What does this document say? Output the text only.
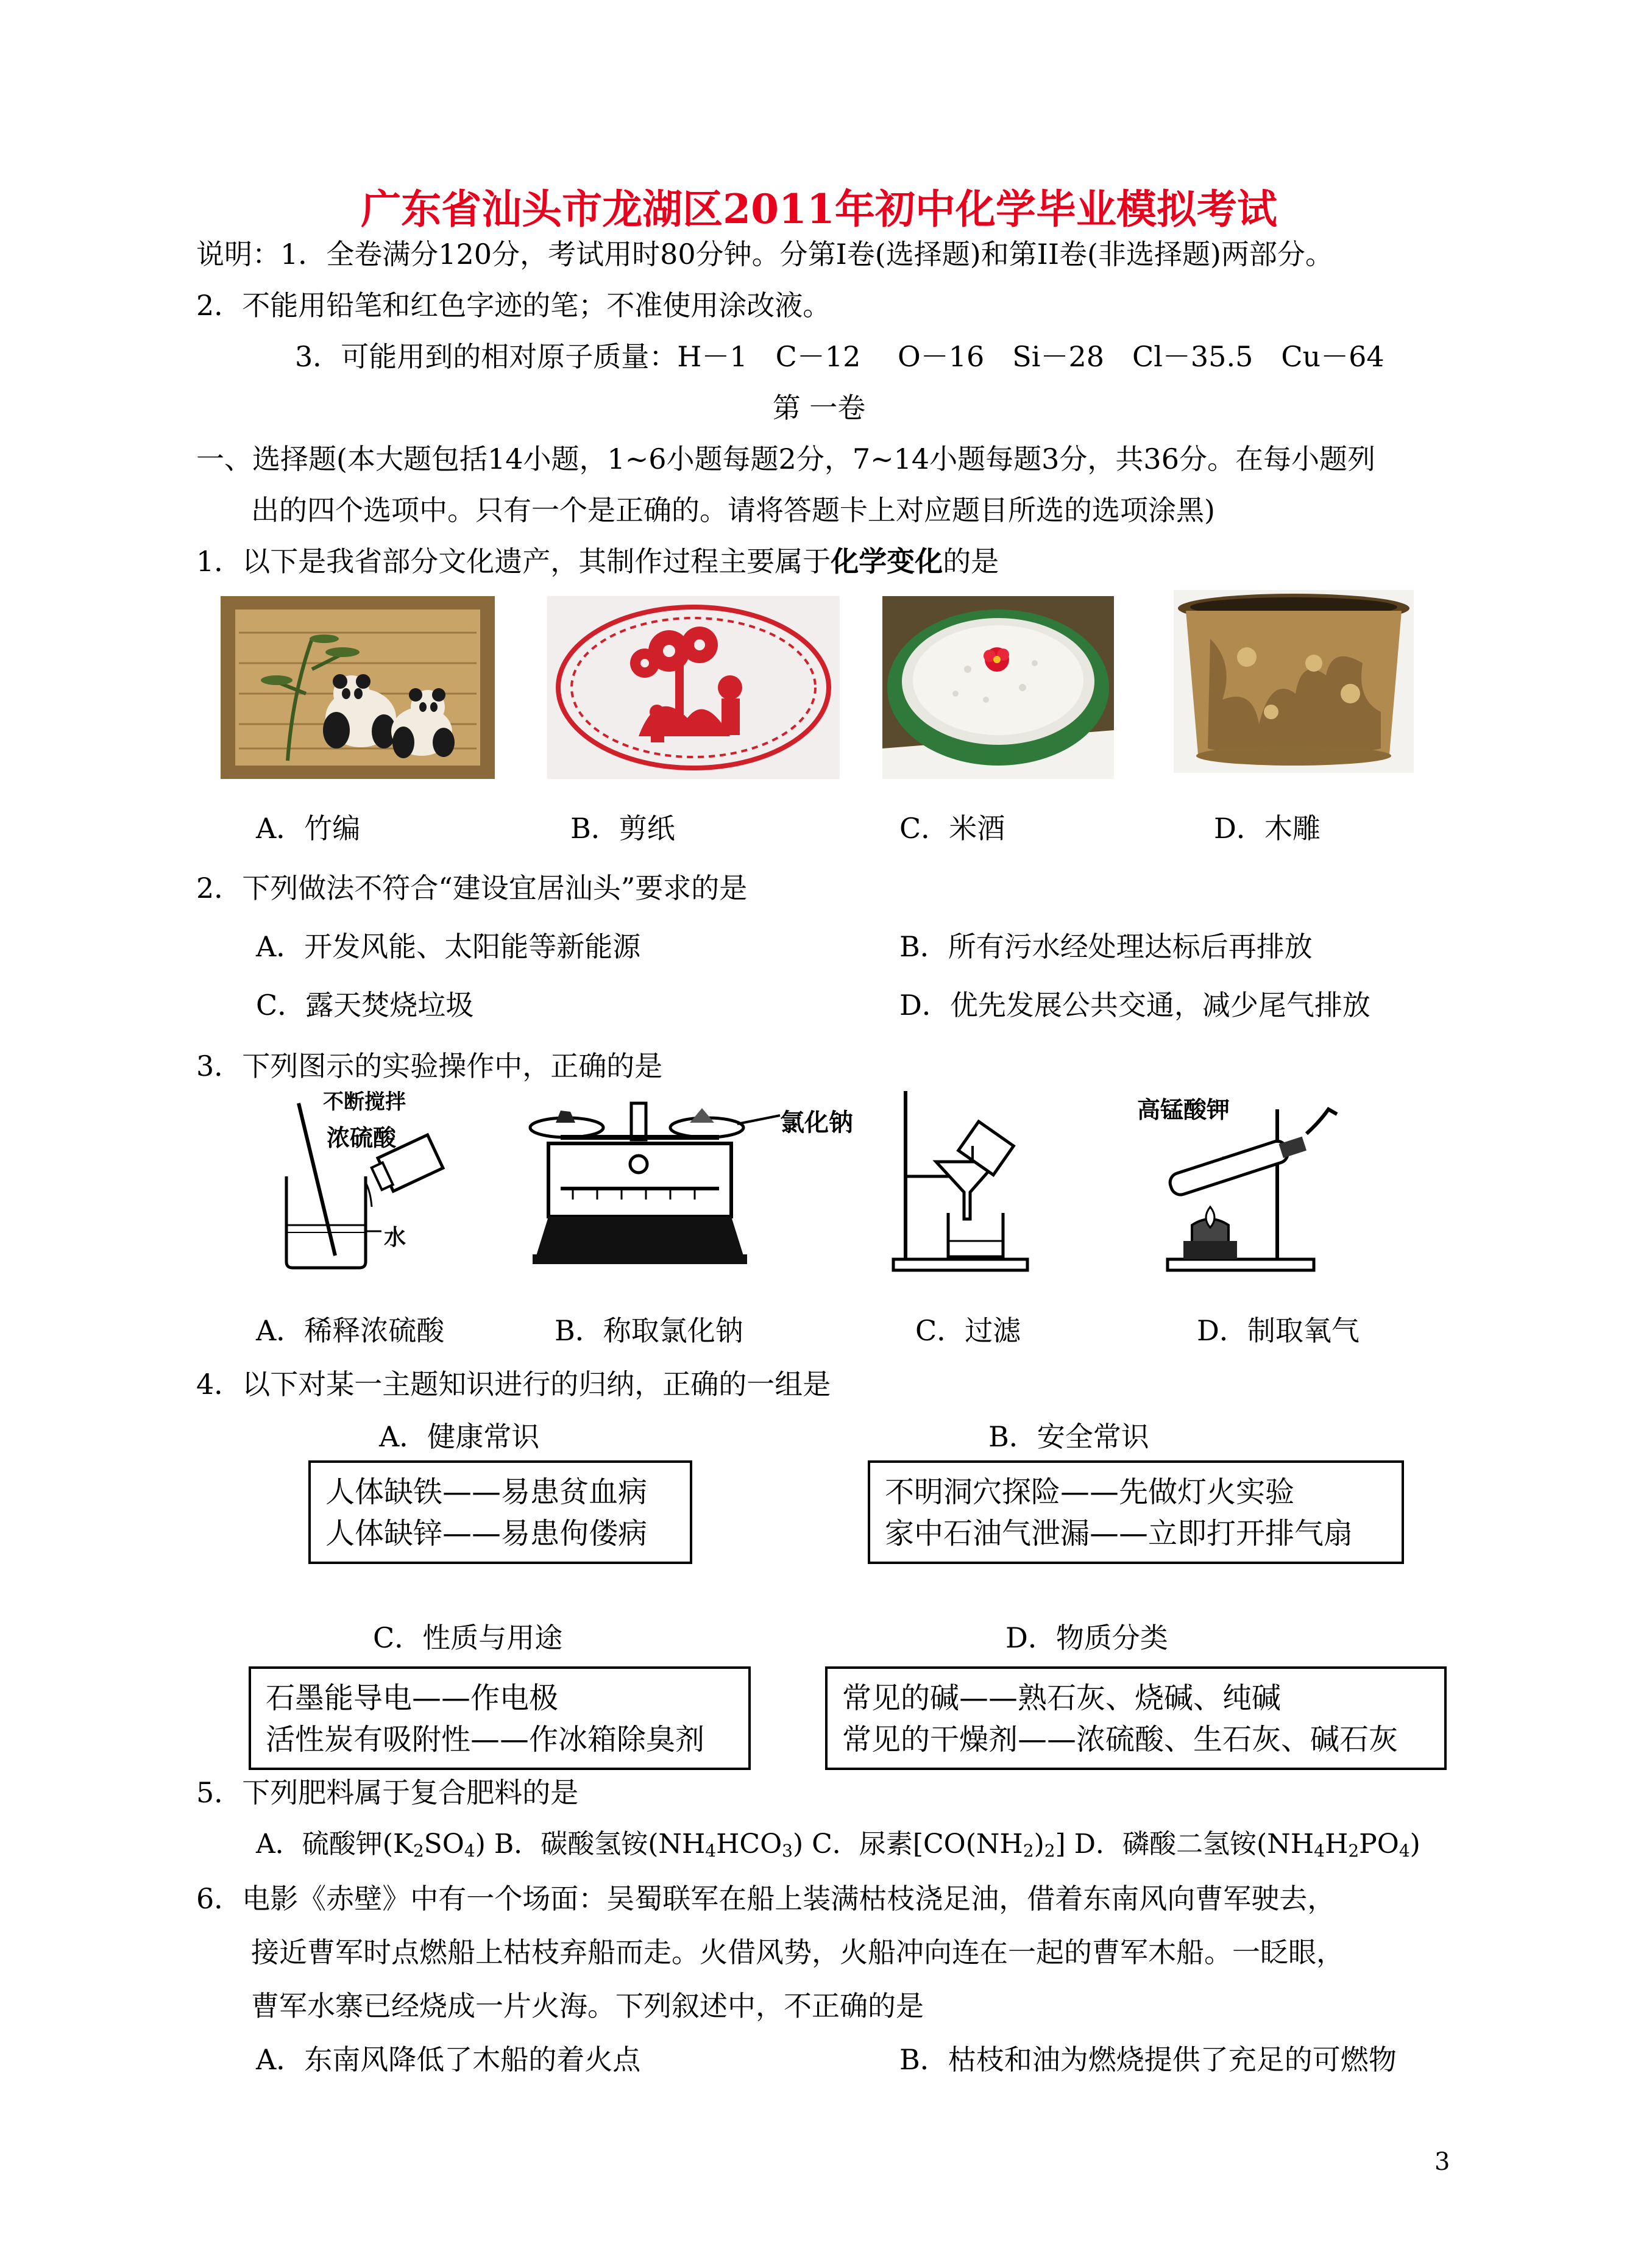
广东省汕头市龙湖区2011年初中化学毕业模拟考试
说明：1．全卷满分120分，考试用时80分钟。分第I卷(选择题)和第II卷(非选择题)两部分。
2．不能用铅笔和红色字迹的笔；不准使用涂改液。
3．可能用到的相对原子质量：H－1　C－12　 O－16　Si－28　Cl－35.5　Cu－64
第 一卷
一、选择题(本大题包括14小题，1~6小题每题2分，7~14小题每题3分，共36分。在每小题列
出的四个选项中。只有一个是正确的。请将答题卡上对应题目所选的选项涂黑)
1．以下是我省部分文化遗产，其制作过程主要属于化学变化的是
A．竹编	B．剪纸	C．米酒	D．木雕
2．下列做法不符合“建设宜居汕头”要求的是
A．开发风能、太阳能等新能源	B．所有污水经处理达标后再排放
C．露天焚烧垃圾	D．优先发展公共交通，减少尾气排放
3．下列图示的实验操作中，正确的是
不断搅拌
浓硫酸
水
氯化钠	高锰酸钾
A．稀释浓硫酸	B．称取氯化钠	C．过滤	D．制取氧气
4．以下对某一主题知识进行的归纳，正确的一组是
A．健康常识	B．安全常识
人体缺铁——易患贫血病
人体缺锌——易患佝偻病
不明洞穴探险——先做灯火实验
家中石油气泄漏——立即打开排气扇
C．性质与用途	D．物质分类
石墨能导电——作电极
活性炭有吸附性——作冰箱除臭剂
常见的碱——熟石灰、烧碱、纯碱
常见的干燥剂——浓硫酸、生石灰、碱石灰
5．下列肥料属于复合肥料的是
A．硫酸钾$(K_2SO_4)$ B．碳酸氢铵$(NH_4HCO_3)$ C．尿素$[CO(NH_2)_2]$ D．磷酸二氢铵$(NH_4H_2PO_4)$
6．电影《赤壁》中有一个场面：吴蜀联军在船上装满枯枝浇足油，借着东南风向曹军驶去，
接近曹军时点燃船上枯枝弃船而走。火借风势，火船冲向连在一起的曹军木船。一眨眼，
曹军水寨已经烧成一片火海。下列叙述中，不正确的是
A．东南风降低了木船的着火点	B．枯枝和油为燃烧提供了充足的可燃物
3
